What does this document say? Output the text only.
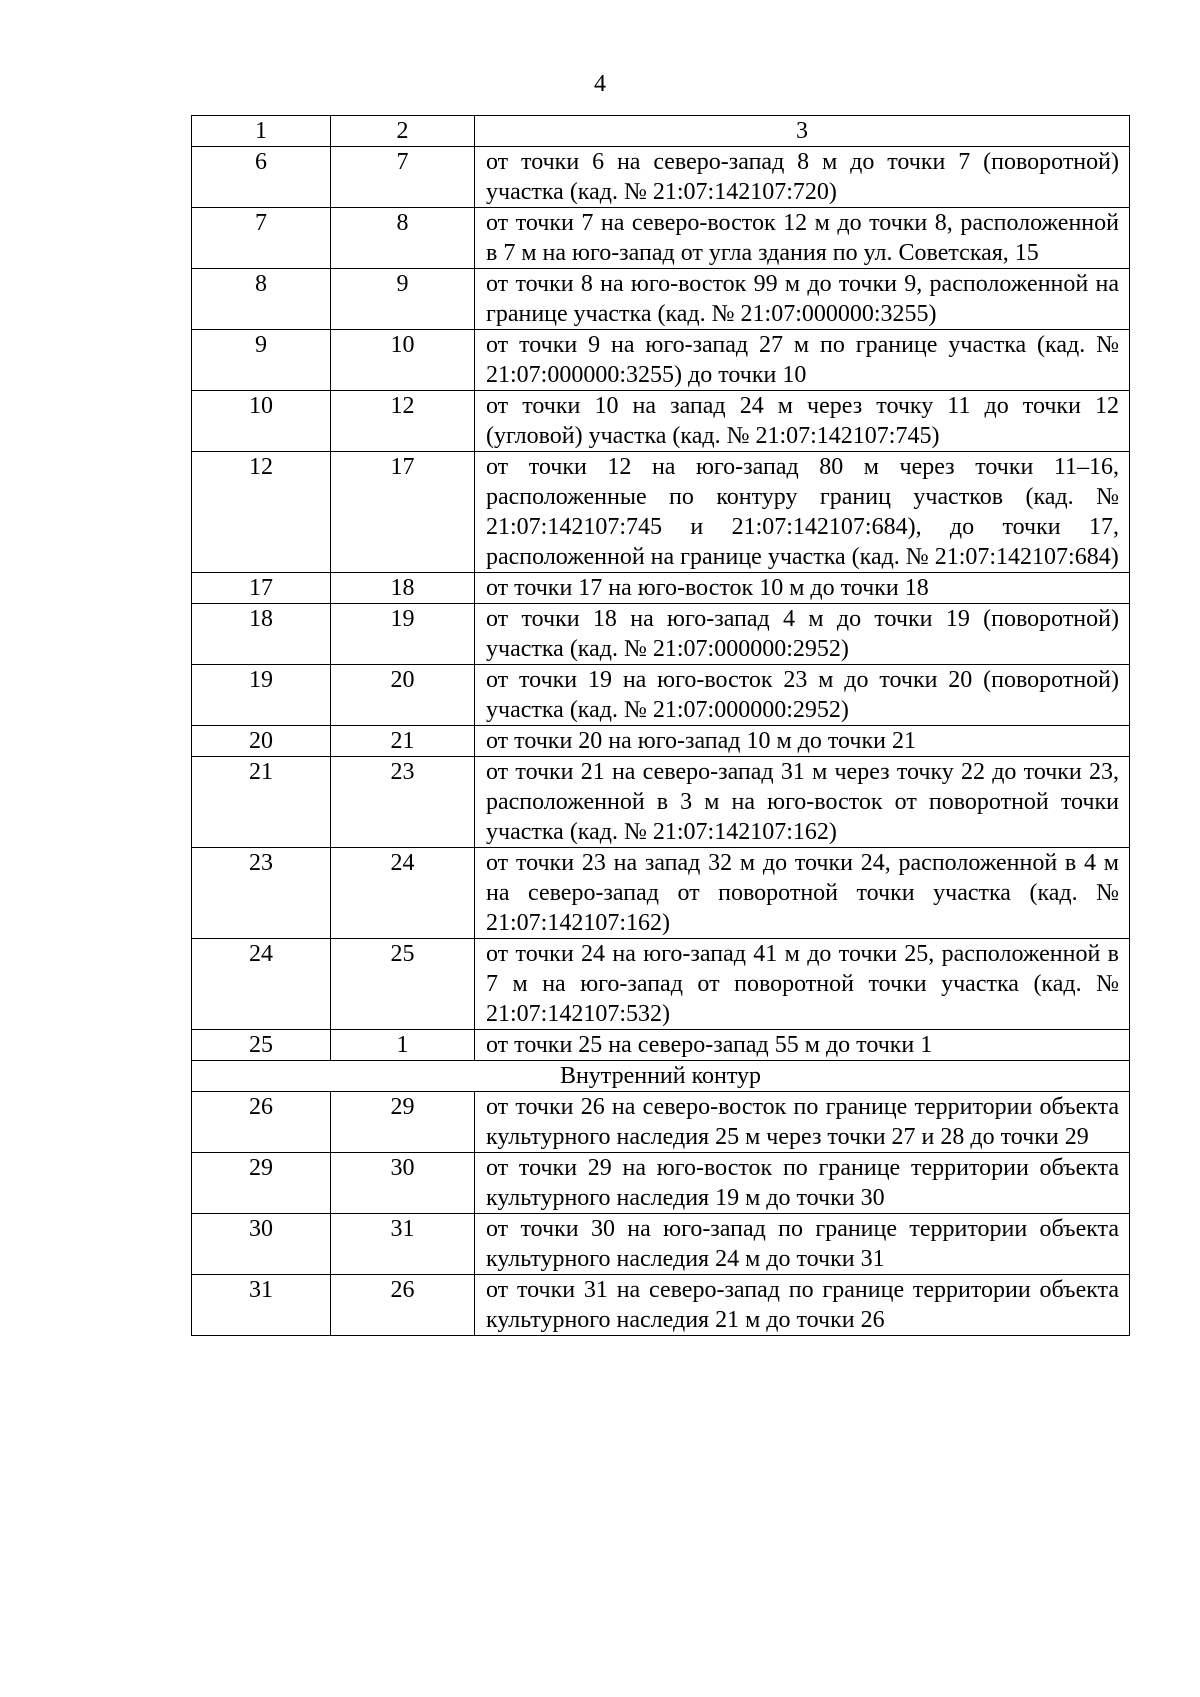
4
1	2	3
6	7	от точки 6 на северо-запад 8 м до точки 7 (поворотной) участка (кад. № 21:07:142107:720)
7	8	от точки 7 на северо-восток 12 м до точки 8, расположенной в 7 м на юго-запад от угла здания по ул. Советская, 15
8	9	от точки 8 на юго-восток 99 м до точки 9, расположенной на границе участка (кад. № 21:07:000000:3255)
9	10	от точки 9 на юго-запад 27 м по границе участка (кад. № 21:07:000000:3255) до точки 10
10	12	от точки 10 на запад 24 м через точку 11 до точки 12 (угловой) участка (кад. № 21:07:142107:745)
12	17	от точки 12 на юго-запад 80 м через точки 11–16, расположенные по контуру границ участков (кад. № 21:07:142107:745 и 21:07:142107:684), до точки 17, расположенной на границе участка (кад. № 21:07:142107:684)
17	18	от точки 17 на юго-восток 10 м до точки 18
18	19	от точки 18 на юго-запад 4 м до точки 19 (поворотной) участка (кад. № 21:07:000000:2952)
19	20	от точки 19 на юго-восток 23 м до точки 20 (поворотной) участка (кад. № 21:07:000000:2952)
20	21	от точки 20 на юго-запад 10 м до точки 21
21	23	от точки 21 на северо-запад 31 м через точку 22 до точки 23, расположенной в 3 м на юго-восток от поворотной точки участка (кад. № 21:07:142107:162)
23	24	от точки 23 на запад 32 м до точки 24, расположенной в 4 м на северо-запад от поворотной точки участка (кад. № 21:07:142107:162)
24	25	от точки 24 на юго-запад 41 м до точки 25, расположенной в 7 м на юго-запад от поворотной точки участка (кад. № 21:07:142107:532)
25	1	от точки 25 на северо-запад 55 м до точки 1
Внутренний контур		
26	29	от точки 26 на северо-восток по границе территории объекта культурного наследия 25 м через точки 27 и 28 до точки 29
29	30	от точки 29 на юго-восток по границе территории объекта культурного наследия 19 м до точки 30
30	31	от точки 30 на юго-запад по границе территории объекта культурного наследия 24 м до точки 31
31	26	от точки 31 на северо-запад по границе территории объекта культурного наследия 21 м до точки 26
